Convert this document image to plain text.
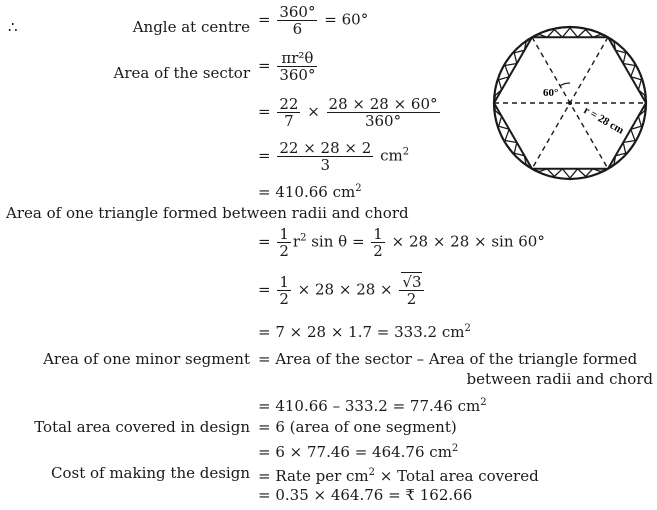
∴	Angle at centre = $\frac{360^\circ}{6} = 60^\circ$
Area of the sector = $\frac{\text{πr²θ}}{360^\circ}$
= $\frac{22}{7} \times \frac{28 \times 28 \times 60^\circ}{360^\circ}$
= $\frac{22 \times 28 \times 2}{3} cm^2$
= 410.66 $cm^2$
Area of one triangle formed between radii and chord
= $\frac{1}{2} r^2$ $\sin \theta = \frac{1}{2} \times 28 \times 28 \times \sin 60^\circ$
= $\frac{1}{2} \times 28 \times 28 \times \frac{√3}{2}$
= 7 × 28 × 1.7 = 333.2 $cm^2$
Area of one minor segment = Area of the sector – Area of the triangle formed
between radii and chord
= 410.66 – 333.2 = 77.46 $cm^2$
Total area covered in design = 6 (area of one segment)
= 6 × 77.46 = 464.76 $cm^2$
Cost of making the design = Rate per $cm^2$ × Total area covered
= 0.35 × 464.76 = ₹ 162.66
60°
r = 28 cm
